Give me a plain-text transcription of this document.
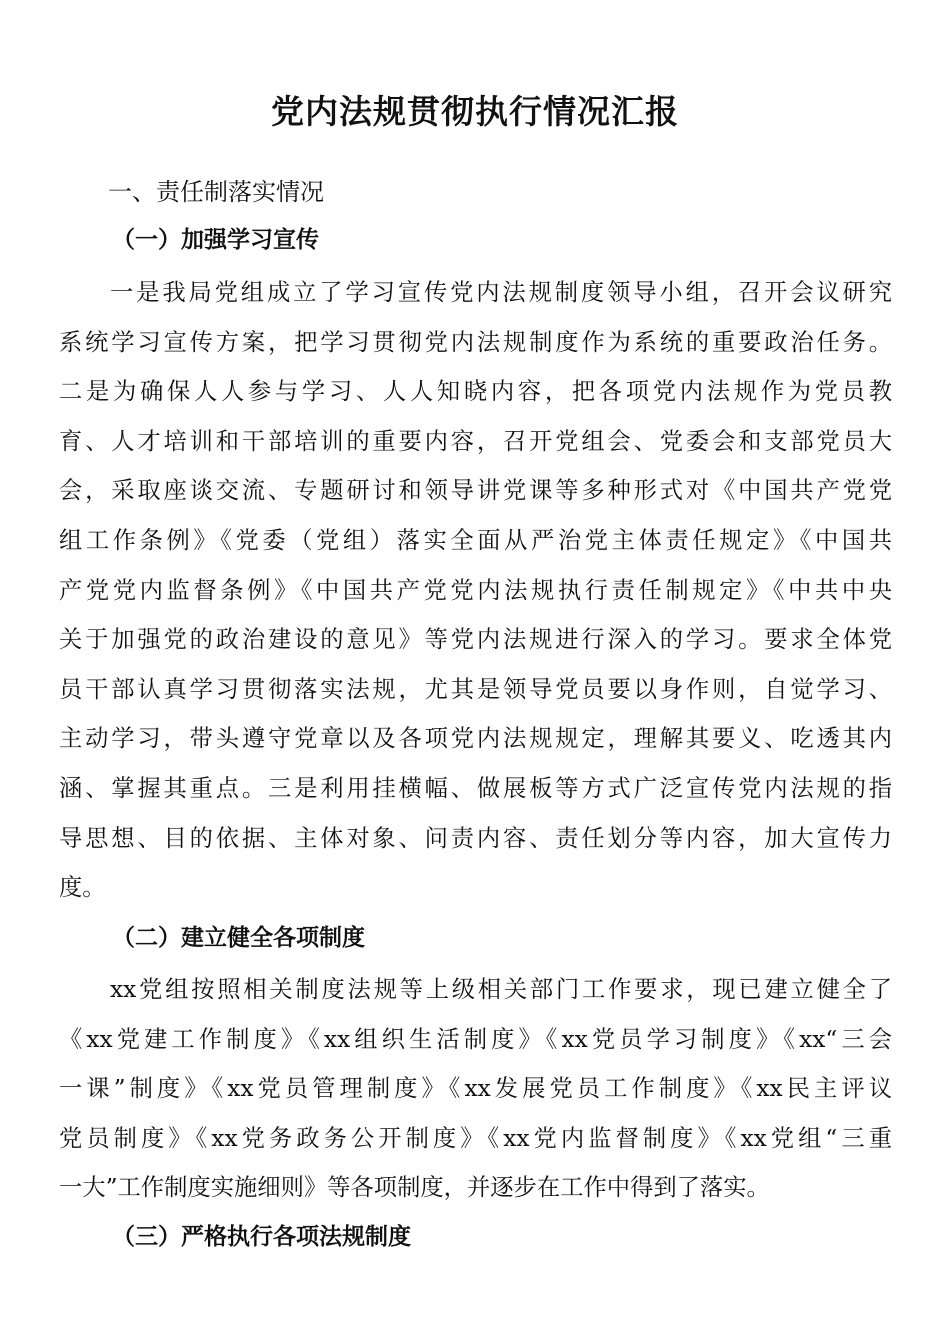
党内法规贯彻执行情况汇报
一、责任制落实情况
（一）加强学习宣传
一是我局党组成立了学习宣传党内法规制度领导小组，召开会议研究
系统学习宣传方案，把学习贯彻党内法规制度作为系统的重要政治任务。
二是为确保人人参与学习、人人知晓内容，把各项党内法规作为党员教
育、人才培训和干部培训的重要内容，召开党组会、党委会和支部党员大
会，采取座谈交流、专题研讨和领导讲党课等多种形式对《中国共产党党
组工作条例》《党委（党组）落实全面从严治党主体责任规定》《中国共
产党党内监督条例》《中国共产党党内法规执行责任制规定》《中共中央
关于加强党的政治建设的意见》等党内法规进行深入的学习。要求全体党
员干部认真学习贯彻落实法规，尤其是领导党员要以身作则，自觉学习、
主动学习，带头遵守党章以及各项党内法规规定，理解其要义、吃透其内
涵、掌握其重点。三是利用挂横幅、做展板等方式广泛宣传党内法规的指
导思想、目的依据、主体对象、问责内容、责任划分等内容，加大宣传力
度。
（二）建立健全各项制度
xx党组按照相关制度法规等上级相关部门工作要求，现已建立健全了
《xx党建工作制度》《xx组织生活制度》《xx党员学习制度》《xx“三会
一课”制度》《xx党员管理制度》《xx发展党员工作制度》《xx民主评议
党员制度》《xx党务政务公开制度》《xx党内监督制度》《xx党组“三重
一大”工作制度实施细则》等各项制度，并逐步在工作中得到了落实。
（三）严格执行各项法规制度
